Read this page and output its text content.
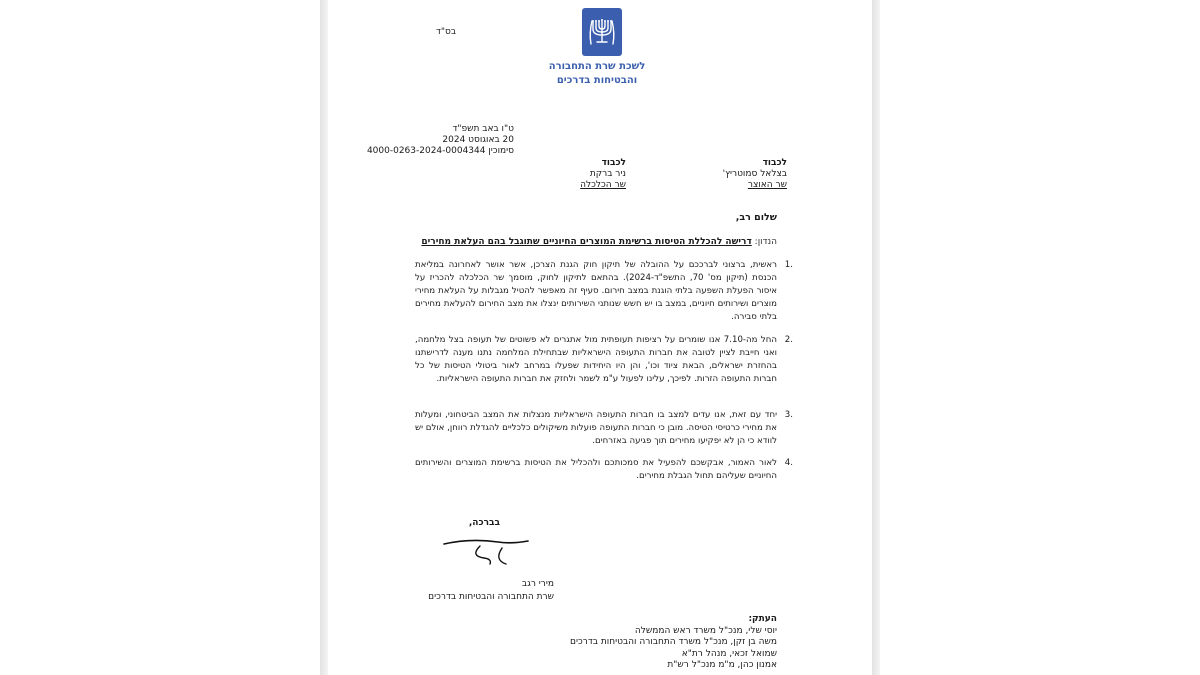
בס"ד
לשכת שרת התחבורה
והבטיחות בדרכים
ט"ו באב תשפ"ד
20 באוגוסט 2024
סימוכין 4000-0263-2024-0004344
לכבוד
בצלאל סמוטריץ'
שר האוצר
לכבוד
ניר ברקת
שר הכלכלה
שלום רב,
הנדון: דרישה להכללת הטיסות ברשימת המוצרים החיוניים שתוגבל בהם העלאת מחירים
.1
ראשית, ברצוני לברככם על ההובלה של תיקון חוק הגנת הצרכן, אשר אושר לאחרונה במליאת הכנסת (תיקון מס' 70, התשפ"ד-2024). בהתאם לתיקון לחוק, מוסמך שר הכלכלה להכריז על איסור הפעלת השפעה בלתי הוגנת במצב חירום. סעיף זה מאפשר להטיל מגבלות על העלאת מחירי מוצרים ושירותים חיוניים, במצב בו יש חשש שנותני השירותים ינצלו את מצב החירום להעלאת מחירים בלתי סבירה.
.2
החל מה-7.10 אנו שומרים על רציפות תעופתית מול אתגרים לא פשוטים של תעופה בצל מלחמה, ואני חייבת לציין לטובה את חברות התעופה הישראליות שבתחילת המלחמה נתנו מענה לדרישתנו בהחזרת ישראלים, הבאת ציוד וכו', והן היו היחידות שפעלו במרחב לאור ביטולי הטיסות של כל חברות התעופה הזרות. לפיכך, עלינו לפעול ע"מ לשמר ולחזק את חברות התעופה הישראליות.
.3
יחד עם זאת, אנו עדים למצב בו חברות התעופה הישראליות מנצלות את המצב הביטחוני, ומעלות את מחירי כרטיסי הטיסה. מובן כי חברות התעופה פועלות משיקולים כלכליים להגדלת רווחן, אולם יש לוודא כי הן לא יפקיעו מחירים תוך פגיעה באזרחים.
.4
לאור האמור, אבקשכם להפעיל את סמכותכם ולהכליל את הטיסות ברשימת המוצרים והשירותים החיוניים שעליהם תחול הגבלת מחירים.
בברכה,
מירי רגב
שרת התחבורה והבטיחות בדרכים
העתק:
יוסי שלי, מנכ"ל משרד ראש הממשלה
משה בן זקן, מנכ"ל משרד התחבורה והבטיחות בדרכים
שמואל זכאי, מנהל רת"א
אמנון כהן, מ"מ מנכ"ל רש"ת
